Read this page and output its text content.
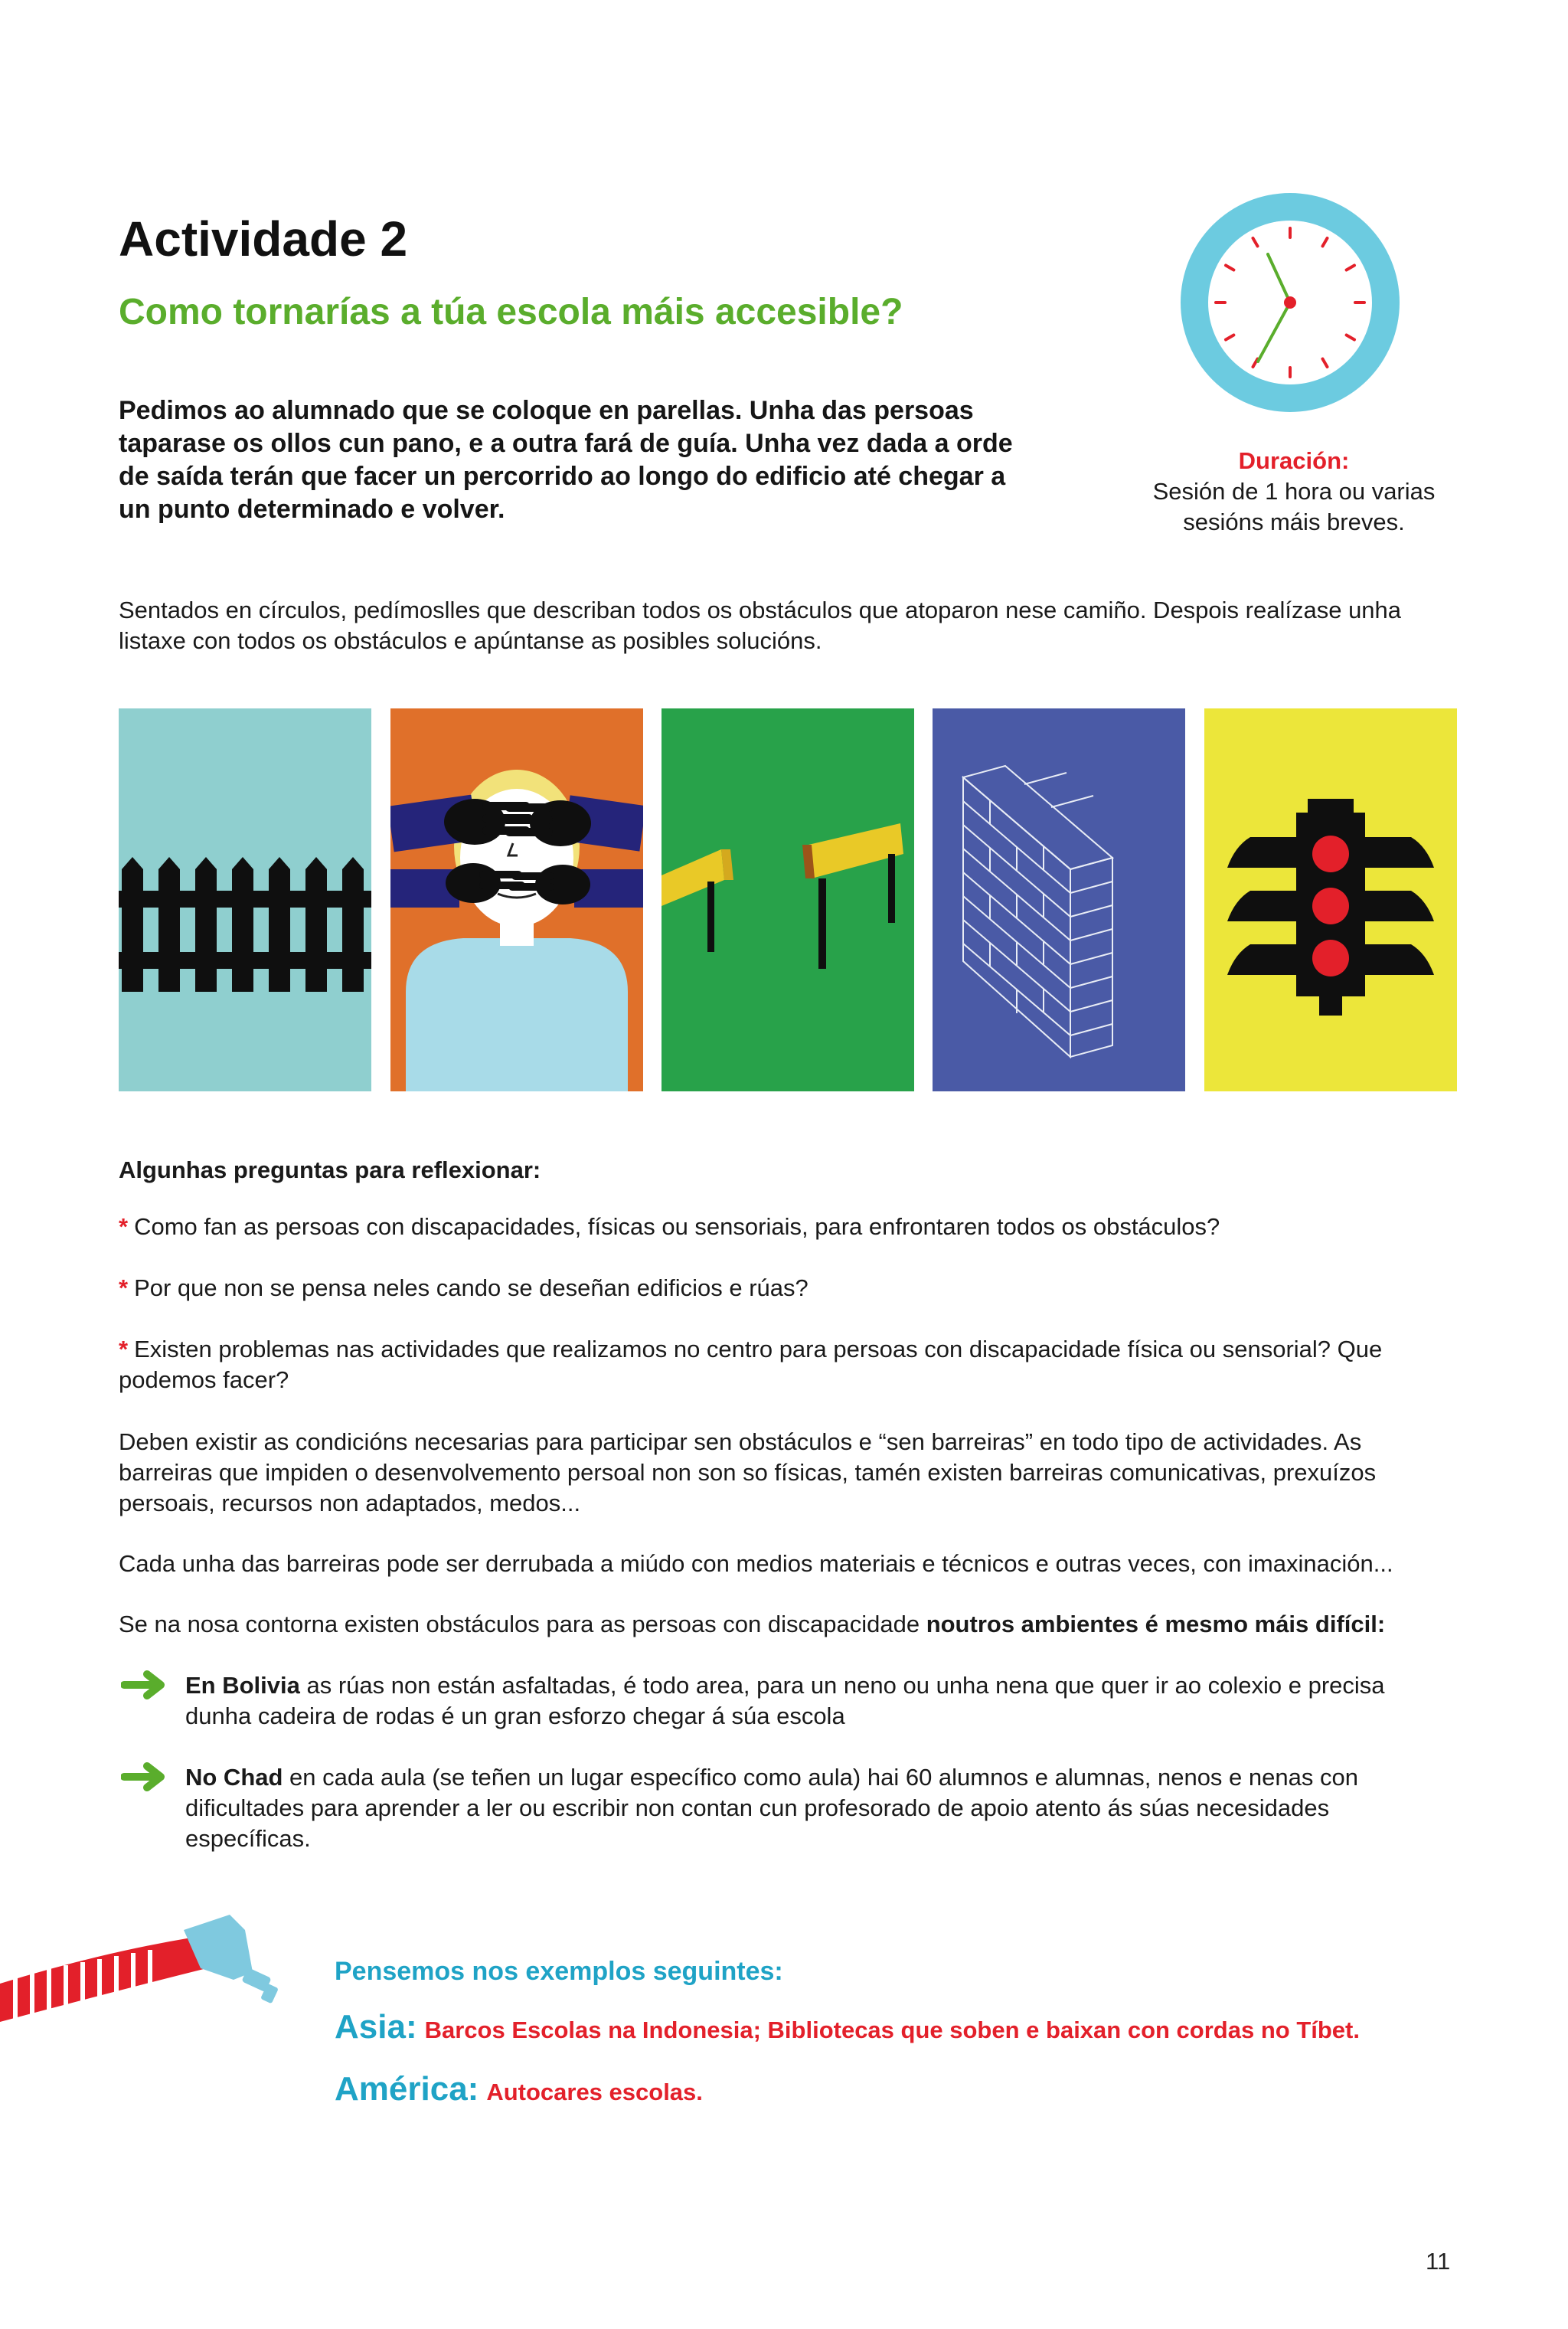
Actividade 2
Como tornarías a túa escola máis accesible?

Pedimos ao alumnado que se coloque en parellas. Unha das persoas taparase os ollos cun pano, e a outra fará de guía. Unha vez dada a orde de saída terán que facer un percorrido ao longo do edificio até chegar a un punto determinado e volver.

Duración:
Sesión de 1 hora ou varias
sesións máis breves.

Sentados en círculos, pedímoslles que describan todos os obstáculos que atoparon nese camiño. Despois realízase unha listaxe con todos os obstáculos e apúntanse as posibles solucións.

Algunhas preguntas para reflexionar:

* Como fan as persoas con discapacidades, físicas ou sensoriais, para enfrontaren todos os obstáculos?

* Por que non se pensa neles cando se deseñan edificios e rúas?

* Existen problemas nas actividades que realizamos no centro para persoas con discapacidade física ou sensorial? Que podemos facer?

Deben existir as condicións necesarias para participar sen obstáculos e “sen barreiras” en todo tipo de actividades. As barreiras que impiden o desenvolvemento persoal non son so físicas, tamén existen barreiras comunicativas, prexuízos persoais, recursos non adaptados, medos...

Cada unha das barreiras pode ser derrubada a miúdo con medios materiais e técnicos e outras veces, con imaxinación...

Se na nosa contorna existen obstáculos para as persoas con discapacidade noutros ambientes é mesmo máis difícil:

En Bolivia as rúas non están asfaltadas, é todo area, para un neno ou unha nena que quer ir ao colexio e precisa dunha cadeira de rodas é un gran esforzo chegar á súa escola

No Chad en cada aula (se teñen un lugar específico como aula) hai 60 alumnos e alumnas, nenos e nenas con dificultades para aprender a ler ou escribir non contan cun profesorado de apoio atento ás súas necesidades específicas.

Pensemos nos exemplos seguintes:

Asia: Barcos Escolas na Indonesia; Bibliotecas que soben e baixan con cordas no Tíbet.

América: Autocares escolas.

11
